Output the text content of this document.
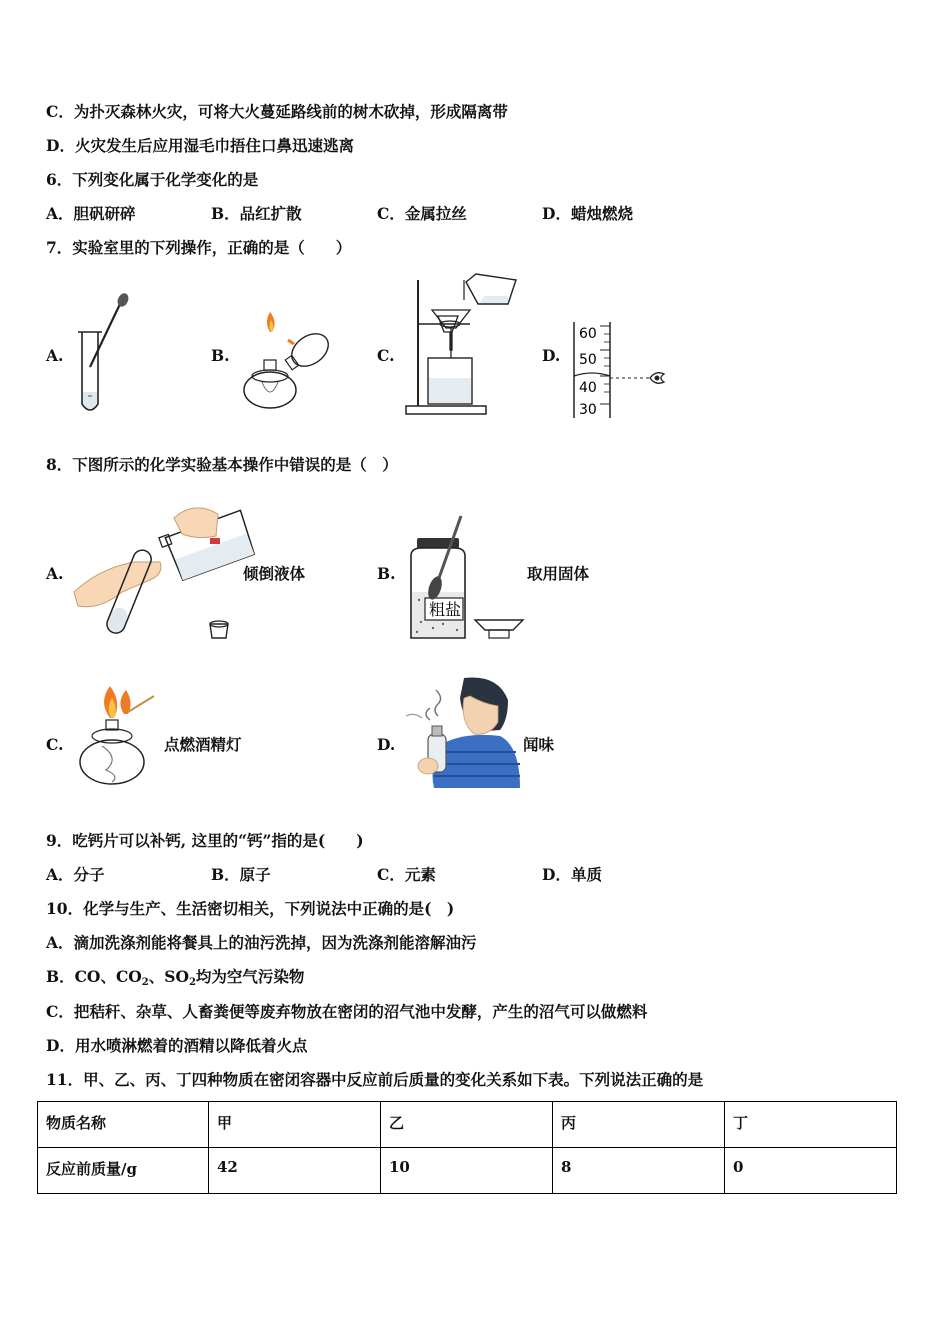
C．为扑灭森林火灾，可将大火蔓延路线前的树木砍掉，形成隔离带
D．火灾发生后应用湿毛巾捂住口鼻迅速逃离
6．下列变化属于化学变化的是
A．胆矾研碎	B．品红扩散	C．金属拉丝	D．蜡烛燃烧
7．实验室里的下列操作，正确的是（　　）
A.	B.	C.	D.
60
50
40
30
8．下图所示的化学实验基本操作中错误的是（　）
A.	倾倒液体	B.
粗盐
取用固体
C.	点燃酒精灯	D.	闻味
9．吃钙片可以补钙, 这里的“钙”指的是(　　)
A．分子	B．原子	C．元素	D．单质
10．化学与生产、生活密切相关，下列说法中正确的是(　)
A．滴加洗涤剂能将餐具上的油污洗掉，因为洗涤剂能溶解油污
B．CO、$CO_2$、$SO_2$均为空气污染物
C．把秸秆、杂草、人畜粪便等废弃物放在密闭的沼气池中发酵，产生的沼气可以做燃料
D．用水喷淋燃着的酒精以降低着火点
11．甲、乙、丙、丁四种物质在密闭容器中反应前后质量的变化关系如下表。下列说法正确的是
物质名称	甲	乙	丙	丁
反应前质量/g	42	10	8	0
